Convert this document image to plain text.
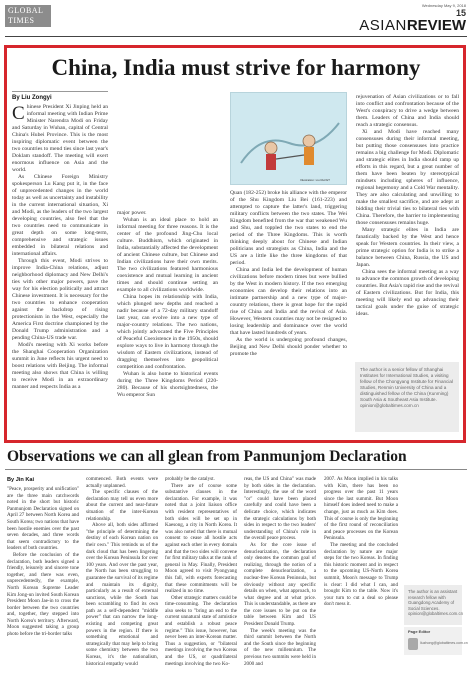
GLOBAL
TIMES
Wednesday May 9, 2018
15
ASIANREVIEW
China, India must strive for harmony
By Liu Zongyi

Chinese President Xi Jinping held an informal meeting with Indian Prime Minister Narendra Modi on Friday and Saturday in Wuhan, capital of Central China's Hubei Province. This is the most inspiring diplomatic event between the two countries to mend ties since last year's Doklam standoff. The meeting will exert enormous influence on Asia and the world.

As Chinese Foreign Ministry spokesperson Lu Kang put it, in the face of unprecedented changes in the world today as well as uncertainty and instability in the current international situation, Xi and Modi, as the leaders of the two largest developing countries, also feel that the two countries need to communicate in great depth on some long-term, comprehensive and strategic issues embedded in bilateral relations and international affairs.

Through this event, Modi strives to improve India-China relations, adjust neighborhood diplomacy and New Delhi's ties with other major powers, pave the way for his election politically and attract Chinese investment. It is necessary for the two countries to enhance cooperation against the backdrop of rising protectionism in the West, especially the America First doctrine championed by the Donald Trump administration and a pending China-US trade war.

Modi's meeting with Xi works before the Shanghai Cooperation Organization summit in June reflects his urgent need to boost relations with Beijing. The informal meeting also shows that China is willing to receive Modi in an extraordinary manner and respects India as a

major power.

Wuhan is an ideal place to hold an informal meeting for three reasons. It is the center of the profound Jing-Chu local culture. Buddhism, which originated in India, substantially affected the development of ancient Chinese culture, but Chinese and Indian civilizations have their own merits. The two civilizations featured harmonious coexistence and mutual learning in ancient times and should continue setting an example to all civilizations worldwide.

China hopes its relationship with India, which plunged new depths and reached a nadir because of a 72-day military standoff last year, can evolve into a new type of major-country relations. The two nations, which jointly advocated the Five Principles of Peaceful Coexistence in the 1950s, should explore ways to live in harmony through the wisdom of Eastern civilizations, instead of dragging themselves into geopolitical competition and confrontation.

Wuhan is also home to historical events during the Three Kingdoms Period (220-280). Because of his shortsightedness, the Wu emperor Sun

Illustration: Liu Rui/GT

Quan (182-252) broke his alliance with the emperor of the Shu Kingdom Liu Bei (161-223) and attempted to capture the latter's land, triggering military conflicts between the two states. The Wei Kingdom benefited from the war that weakened Wu and Shu, and toppled the two states to end the period of the Three Kingdoms. This is worth thinking deeply about for Chinese and Indian politicians and strategists as China, India and the US are a little like the three kingdoms of that period.

China and India led the development of human civilizations before modern times but were bullied by the West in modern history. If the two emerging economies can develop their relations into an intimate partnership and a new type of major-country relations, there is great hope for the rapid rise of China and India and the revival of Asia. However, Western countries may not be resigned to losing leadership and dominance over the world that have lasted hundreds of years.

As the world is undergoing profound changes, Beijing and New Delhi should ponder whether to promote the

rejuvenation of Asian civilizations or to fall into conflict and confrontation because of the West's conspiracy to drive a wedge between them. Leaders of China and India should reach a strategic consensus.

Xi and Modi have reached many consensuses during their informal meeting, but putting those consensuses into practice remains a big challenge for Modi. Diplomatic and strategic elites in India should ramp up efforts in this regard, but a great number of them have been beaten by stereotypical mindsets including spheres of influence, regional hegemony and a Cold War mentality. They are also calculating and unwilling to make the smallest sacrifice, and are adept at bidding their trivial ties to bilateral ties with China. Therefore, the barrier to implementing those consensuses remains huge.

Many strategic elites in India are fanatically backed by the West and hence speak for Western countries. In their view, a prime strategic option for India is to strike a balance between China, Russia, the US and Japan.

China sees the informal meeting as a way to advance the common growth of developing countries. But Asia's rapid rise and the revival of Eastern civilizations. But for India, this meeting will likely end up advancing their tactical goals under the guise of strategic ideas.

The author is a senior fellow of Shanghai Institutes for International Studies, a visiting fellow of the Chongyang Institute for Financial Studies, Renmin University of China and a distinguished fellow of the China (Kunming) South Asia & Southeast Asia Institute. opinion@globaltimes.com.cn
Observations we can all glean from Panmunjom Declaration
By Jin Kai

"Peace, prosperity and unification" are the three main catchwords noted in the short but historic Panmunjom Declaration signed on April 27 between North Korea and South Korea; two nations that have been hostile enemies over the past seven decades, and three words that seem contradictory to the leaders of both countries.

Before the conclusion of the declaration, both leaders signed a friendly, leisurely and sincere tone together, and there was even, unprecedentedly, the example, North Korean Supreme Leader Kim Jong-un invited South Korean President Moon Jae-in to cross the border between the two countries and, together, they stepped into North Korea's territory. Afterward, Moon suggested taking a group photo before the tri-border talks

commenced. Both events were actually unplanned.

The specific clauses of the declaration may tell us even more about the current and near-future situation of the inter-Korean relationship.

Above all, both sides affirmed "the principle of determining the destiny of each Korean nation on their own." This reminds us of the dark cloud that has been lingering over the Korean Peninsula for over 100 years. And over the past year, the North has been struggling to guarantee the survival of its regime and maintain its dignity, particularly as a result of external sanctions, while the South has been scrambling to find its own path as a self-dependent "middle power" that can narrow the long-existing and competing great powers in the region. If there is something emotional and strategically that may help to bring some chemistry between the two Koreas, it's the nationalism, historical empathy would

probably be the catalyst.

There are of course some substantive clauses in the declaration. For example, it was noted that a joint liaison office with resident representatives of both sides will be set up in Kaesong, a city in North Korea. It was also noted that there is mutual consent to cease all hostile acts against each other in every domain and that the two sides will convene for first military talks at the rank of general in May. Finally, President Moon agreed to visit Pyongyang this fall, with experts forecasting that these commitments will be realized in no time.

Other strategic matters could be time-consuming. The declaration also seeks to "bring an end to the current unnatural state of armistice and establish a robust peace regime." This issue, however, has never been an inter-Korean matter. Thus a suggestion, or "bilateral meetings involving the two Koreas and the US, or quadrilateral meetings involving the two Ko-

reas, the US and China" was made by both sides in the declaration. Interestingly, the use of the word "or" could have been placed carefully and could have been a delicate choice, which indicates the strategic calculations by both sides in respect to the two leaders' understanding of China's role in the overall peace process.

As for the core issue of denuclearization, the declaration only denotes the common goal of realizing, through the notion of a complete denuclearization, a nuclear-free Korean Peninsula, but obviously without any specific details on when, what approach, to what degree and at what price. This is understandable, as there are the core issues to be put on the table between Kim and US President Donald Trump.

The week's meeting was the third summit between the North and the South since the beginning of the new millennium. The previous two summits were held in 2000 and

2007. As Moon implied in his talks with Kim, there has been no progress over the past 11 years since the last summit. But Moon himself does indeed need to make a change, just as much as Kim does. This of course is only the beginning of the first round of reconciliation and peace processes on the Korean Peninsula.

The meeting and the concluded declaration by nature are major steps for the two Koreas. In finding this historic moment and in respect to the upcoming US-North Korea summit, Moon's message to Trump is clear: I did what I can, and brought Kim to the table. Now it's your turn to cut a deal so please don't mess it.

The author is an assistant research fellow with Guangdong Academy of Social Sciences. opinion@globaltimes.com.cn
Page Editor
liuzhong@globaltimes.com.cn
